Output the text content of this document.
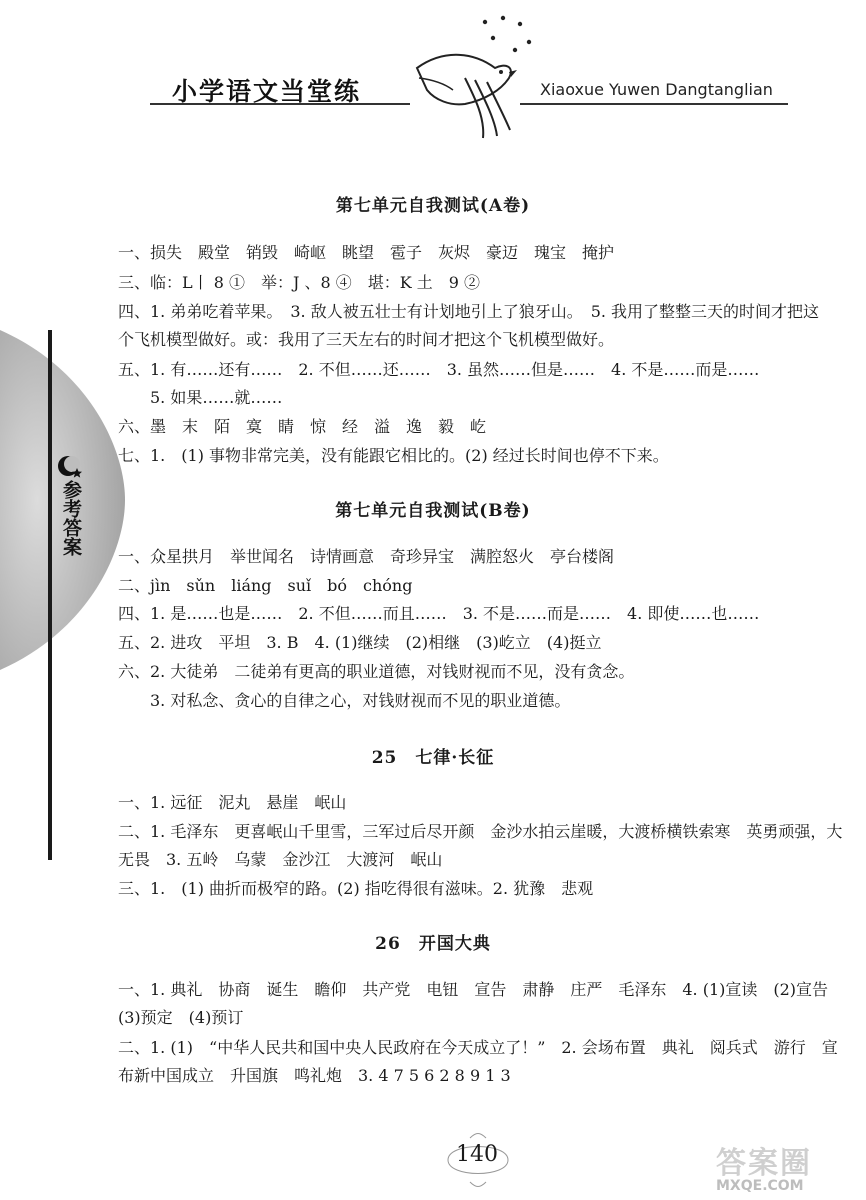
小学语文当堂练	Xiaoxue Yuwen Dangtanglian
参考答案
第七单元自我测试(A卷)
一、损失　殿堂　销毁　崎岖　眺望　雹子　灰烬　豪迈　瑰宝　掩护
三、临：L丨 8 ①　举：J 、8 ④　堪：K 土　9 ②
四、1. 弟弟吃着苹果。　3. 敌人被五壮士有计划地引上了狼牙山。　5. 我用了整整三天的时间才把这
个飞机模型做好。或：我用了三天左右的时间才把这个飞机模型做好。
五、1. 有……还有……　2. 不但……还……　3. 虽然……但是……　4. 不是……而是……
5. 如果……就……
六、墨　末　陌　寞　睛　惊　经　溢　逸　毅　屹
七、1.　(1) 事物非常完美，没有能跟它相比的。(2) 经过长时间也停不下来。
第七单元自我测试(B卷)
一、众星拱月　举世闻名　诗情画意　奇珍异宝　满腔怒火　亭台楼阁
二、jìn　sǔn　liáng　suǐ　bó　chóng
四、1. 是……也是……　2. 不但……而且……　3. 不是……而是……　4. 即使……也……
五、2. 进攻　平坦　3. B　4. (1)继续　(2)相继　(3)屹立　(4)挺立
六、2. 大徒弟　二徒弟有更高的职业道德，对钱财视而不见，没有贪念。
3. 对私念、贪心的自律之心，对钱财视而不见的职业道德。
25　七律·长征
一、1. 远征　泥丸　悬崖　岷山
二、1. 毛泽东　更喜岷山千里雪，三军过后尽开颜　金沙水拍云崖暖，大渡桥横铁索寒　英勇顽强，大
无畏　3. 五岭　乌蒙　金沙江　大渡河　岷山
三、1.　(1) 曲折而极窄的路。(2) 指吃得很有滋味。2. 犹豫　悲观
26　开国大典
一、1. 典礼　协商　诞生　瞻仰　共产党　电钮　宣告　肃静　庄严　毛泽东　4. (1)宣读　(2)宣告
(3)预定　(4)预订
二、1. (1)　“中华人民共和国中央人民政府在今天成立了！”　2. 会场布置　典礼　阅兵式　游行　宣
布新中国成立　升国旗　鸣礼炮　3. 4 7 5 6 2 8 9 1 3
140	答案圈
MXQE.COM
